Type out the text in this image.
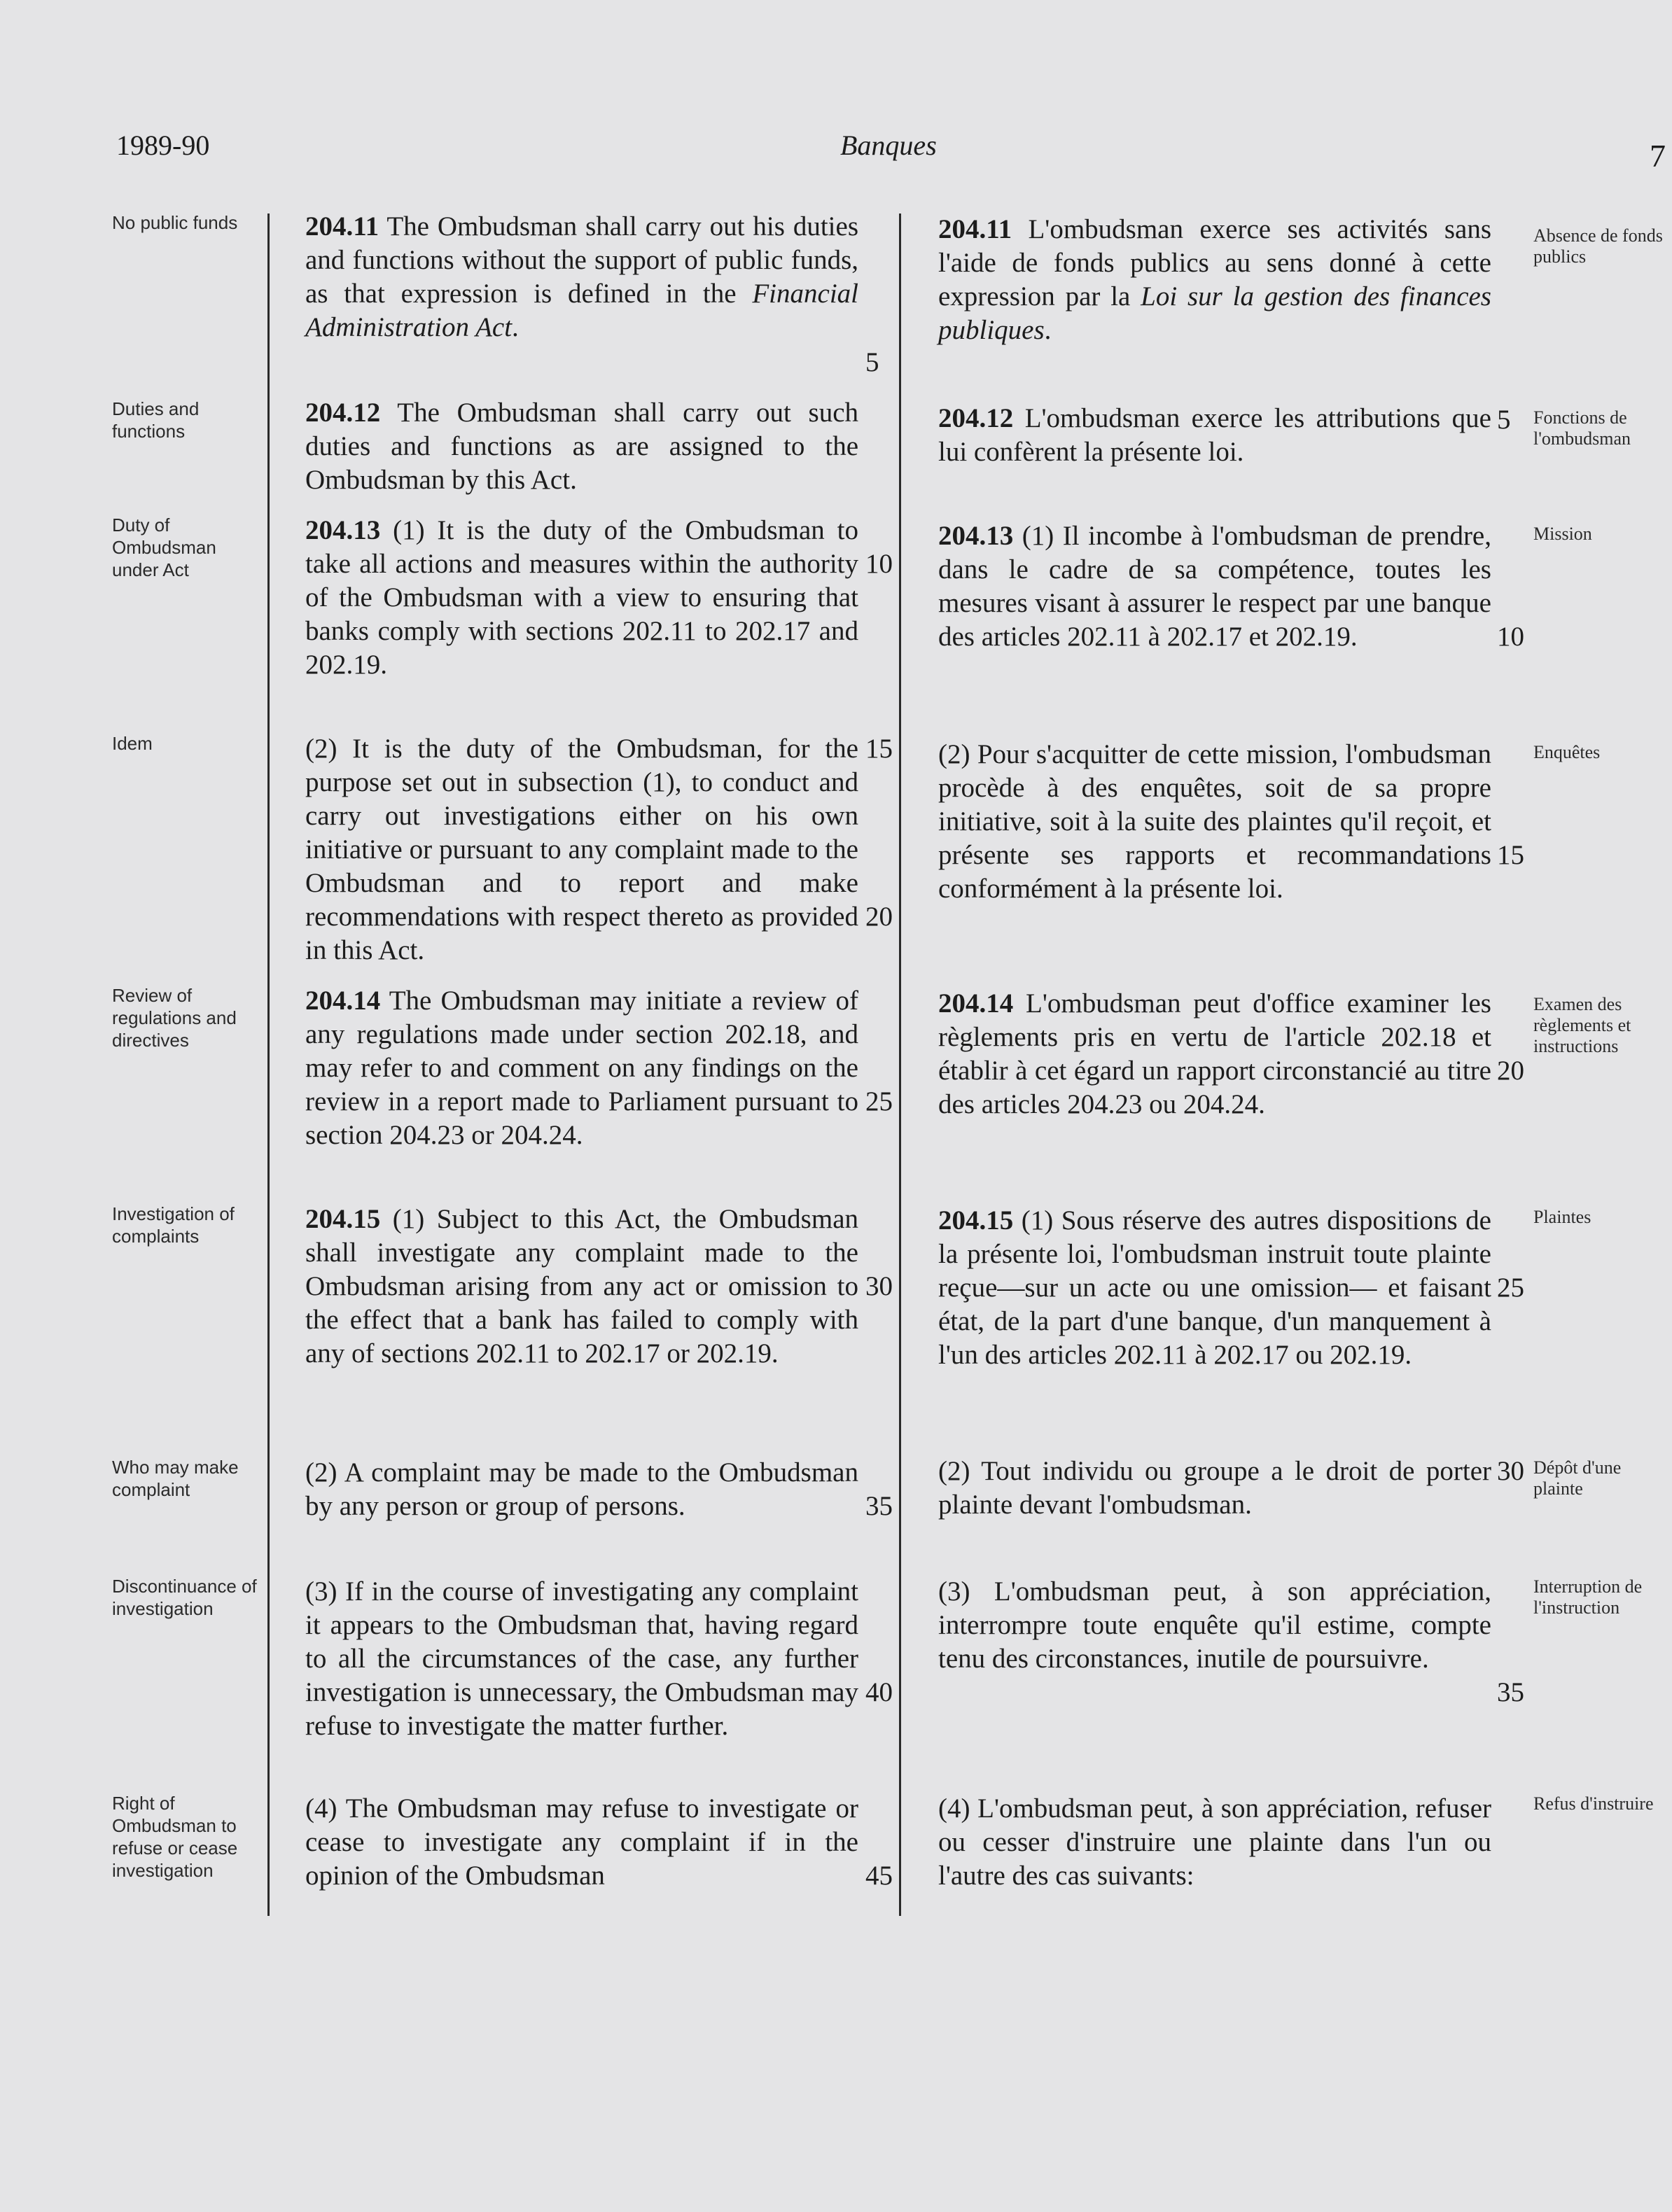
1989-90	Banques	7
No public funds	204.11 The Ombudsman shall carry out his duties and functions without the support of public funds, as that expression is defined in the Financial Administration Act.
204.11 L'ombudsman exerce ses activités sans l'aide de fonds publics au sens donné à cette expression par la Loi sur la gestion des finances publiques.
Absence de fonds publics
Duties and functions
204.12 The Ombudsman shall carry out such duties and functions as are assigned to the Ombudsman by this Act.
204.12 L'ombudsman exerce les attributions que lui confèrent la présente loi.
Fonctions de l'ombudsman
Duty of Ombudsman under Act
204.13 (1) It is the duty of the Ombudsman to take all actions and measures within the authority of the Ombudsman with a view to ensuring that banks comply with sections 202.11 to 202.17 and 202.19.
204.13 (1) Il incombe à l'ombudsman de prendre, dans le cadre de sa compétence, toutes les mesures visant à assurer le respect par une banque des articles 202.11 à 202.17 et 202.19.
Mission
Idem	(2) It is the duty of the Ombudsman, for the purpose set out in subsection (1), to conduct and carry out investigations either on his own initiative or pursuant to any complaint made to the Ombudsman and to report and make recommendations with respect thereto as provided in this Act.
(2) Pour s'acquitter de cette mission, l'ombudsman procède à des enquêtes, soit de sa propre initiative, soit à la suite des plaintes qu'il reçoit, et présente ses rapports et recommandations conformément à la présente loi.
Enquêtes
Review of regulations and directives
204.14 The Ombudsman may initiate a review of any regulations made under section 202.18, and may refer to and comment on any findings on the review in a report made to Parliament pursuant to section 204.23 or 204.24.
204.14 L'ombudsman peut d'office examiner les règlements pris en vertu de l'article 202.18 et établir à cet égard un rapport circonstancié au titre des articles 204.23 ou 204.24.
Examen des règlements et instructions
Investigation of complaints
204.15 (1) Subject to this Act, the Ombudsman shall investigate any complaint made to the Ombudsman arising from any act or omission to the effect that a bank has failed to comply with any of sections 202.11 to 202.17 or 202.19.
204.15 (1) Sous réserve des autres dispositions de la présente loi, l'ombudsman instruit toute plainte reçue—sur un acte ou une omission— et faisant état, de la part d'une banque, d'un manquement à l'un des articles 202.11 à 202.17 ou 202.19.
Plaintes
Who may make complaint
(2) A complaint may be made to the Ombudsman by any person or group of persons.
(2) Tout individu ou groupe a le droit de porter plainte devant l'ombudsman.
Dépôt d'une plainte
Discontinuance of investigation
(3) If in the course of investigating any complaint it appears to the Ombudsman that, having regard to all the circumstances of the case, any further investigation is unnecessary, the Ombudsman may refuse to investigate the matter further.
(3) L'ombudsman peut, à son appréciation, interrompre toute enquête qu'il estime, compte tenu des circonstances, inutile de poursuivre.
Interruption de l'instruction
Right of Ombudsman to refuse or cease investigation
(4) The Ombudsman may refuse to investigate or cease to investigate any complaint if in the opinion of the Ombudsman
(4) L'ombudsman peut, à son appréciation, refuser ou cesser d'instruire une plainte dans l'un ou l'autre des cas suivants:
Refus d'instruire
5
10
15
20
25
30
35
40
45
5
10
15
20
25
30
35
